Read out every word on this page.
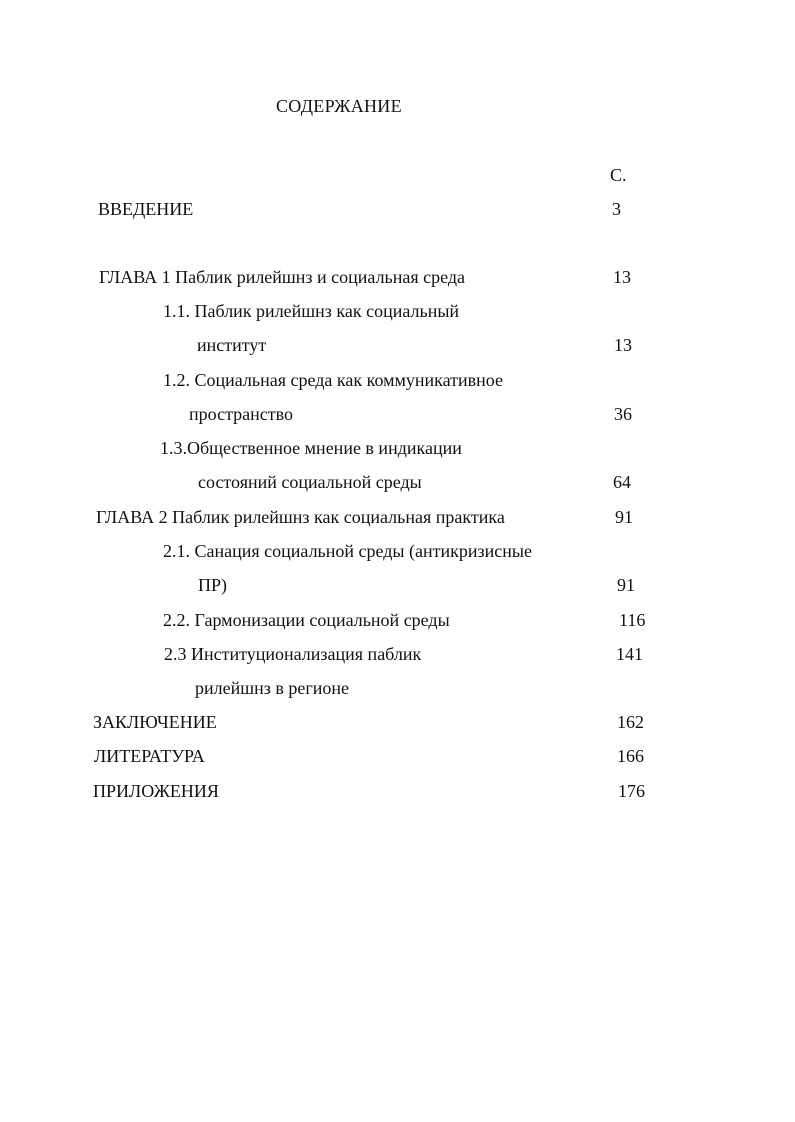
СОДЕРЖАНИЕ
С.
ВВЕДЕНИЕ	3
ГЛАВА 1 Паблик рилейшнз и социальная среда	13
1.1. Паблик рилейшнз как социальный
институт	13
1.2. Социальная среда как коммуникативное
пространство	36
1.3.Общественное мнение в индикации
состояний социальной среды	64
ГЛАВА 2 Паблик рилейшнз как социальная практика	91
2.1. Санация социальной среды (антикризисные
ПР)	91
2.2. Гармонизации социальной среды	116
2.3 Институционализация паблик	141
рилейшнз в регионе
ЗАКЛЮЧЕНИЕ	162
ЛИТЕРАТУРА	166
ПРИЛОЖЕНИЯ	176
